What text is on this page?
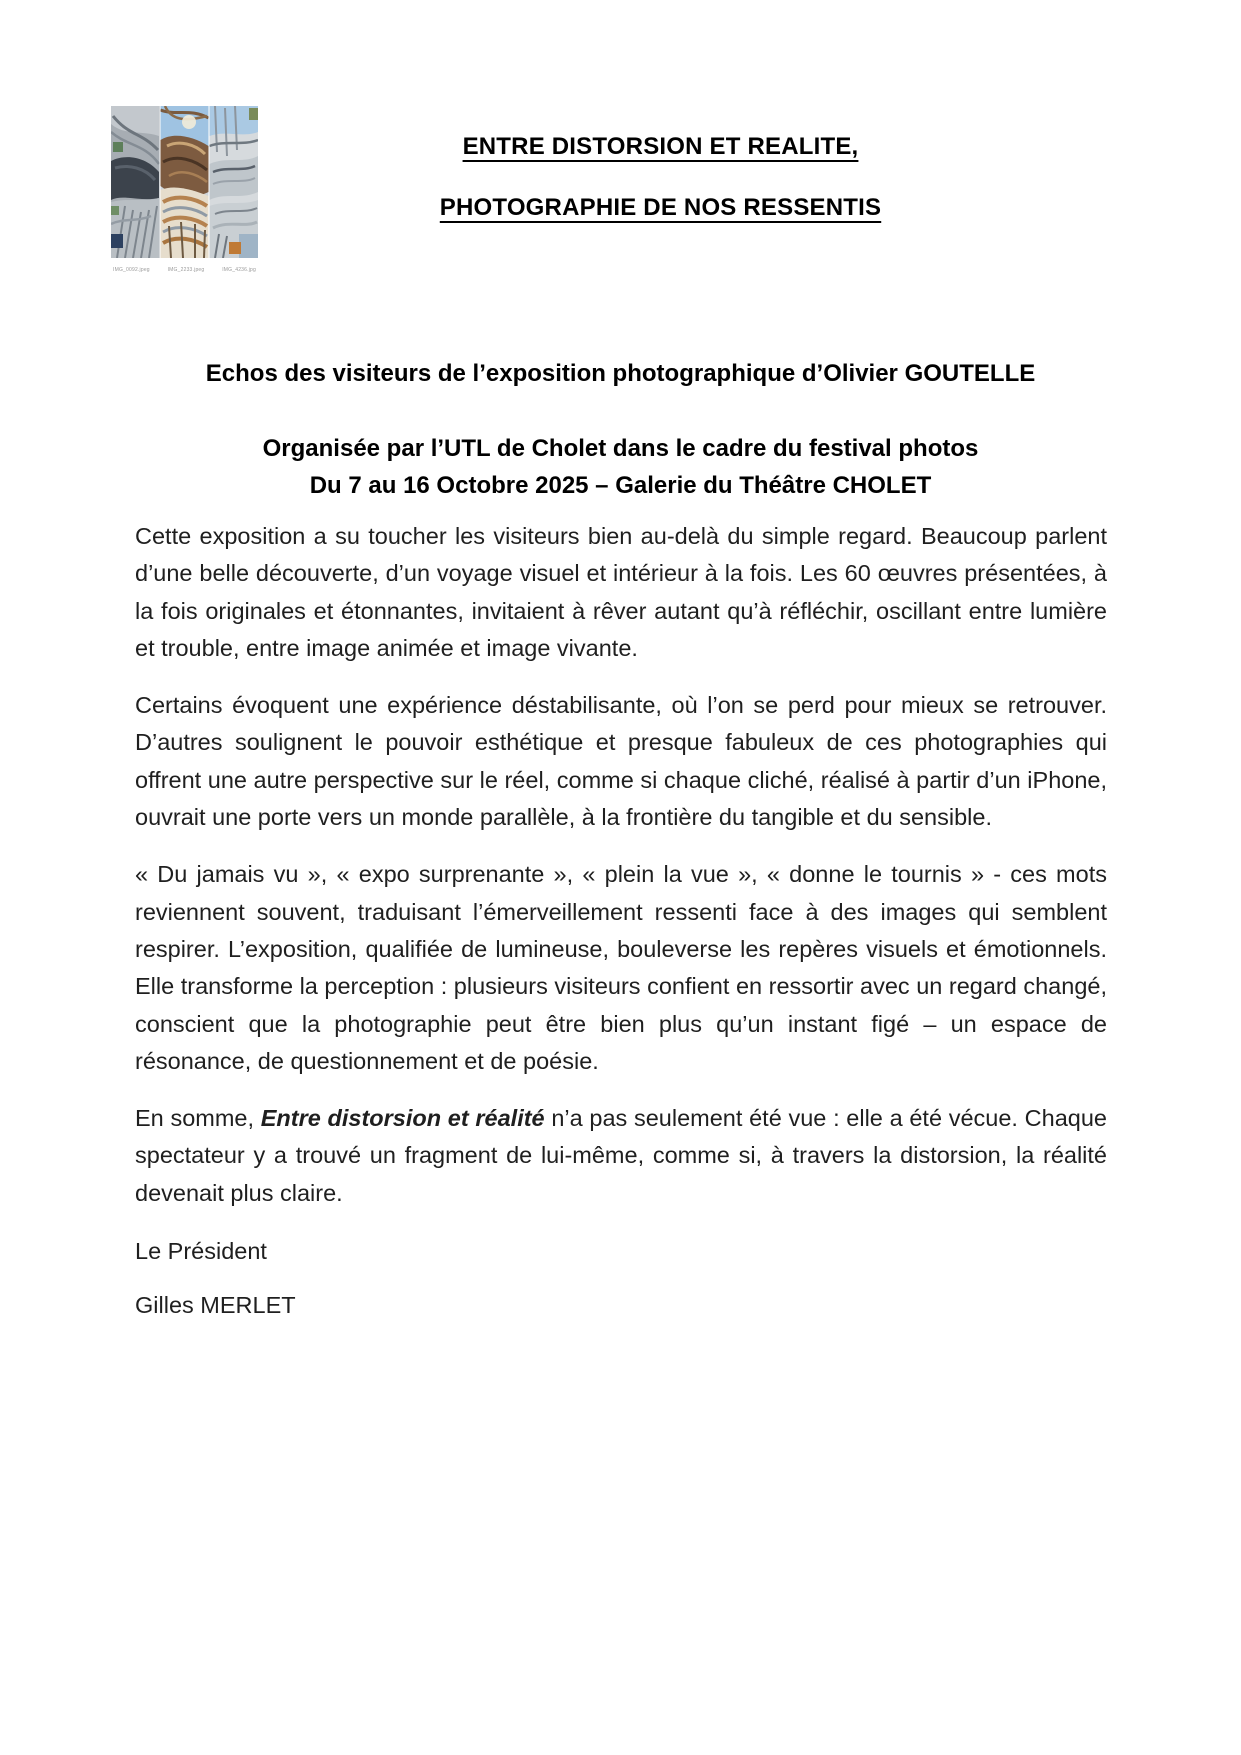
IMG_0092.jpeg	IMG_2233.jpeg	IMG_4236.jpg
ENTRE DISTORSION ET REALITE,
PHOTOGRAPHIE DE NOS RESSENTIS
Echos des visiteurs de l’exposition photographique d’Olivier GOUTELLE
Organisée par l’UTL de Cholet dans le cadre du festival photos
Du 7 au 16 Octobre 2025 – Galerie du Théâtre CHOLET

Cette exposition a su toucher les visiteurs bien au-delà du simple regard. Beaucoup parlent d’une belle découverte, d’un voyage visuel et intérieur à la fois. Les 60 œuvres présentées, à la fois originales et étonnantes, invitaient à rêver autant qu’à réfléchir, oscillant entre lumière et trouble, entre image animée et image vivante.

Certains évoquent une expérience déstabilisante, où l’on se perd pour mieux se retrouver. D’autres soulignent le pouvoir esthétique et presque fabuleux de ces photographies qui offrent une autre perspective sur le réel, comme si chaque cliché, réalisé à partir d’un iPhone, ouvrait une porte vers un monde parallèle, à la frontière du tangible et du sensible.

« Du jamais vu », « expo surprenante », « plein la vue », « donne le tournis » - ces mots reviennent souvent, traduisant l’émerveillement ressenti face à des images qui semblent respirer. L’exposition, qualifiée de lumineuse, bouleverse les repères visuels et émotionnels. Elle transforme la perception : plusieurs visiteurs confient en ressortir avec un regard changé, conscient que la photographie peut être bien plus qu’un instant figé – un espace de résonance, de questionnement et de poésie.

En somme, Entre distorsion et réalité n’a pas seulement été vue : elle a été vécue. Chaque spectateur y a trouvé un fragment de lui-même, comme si, à travers la distorsion, la réalité devenait plus claire.

Le Président
Gilles MERLET
